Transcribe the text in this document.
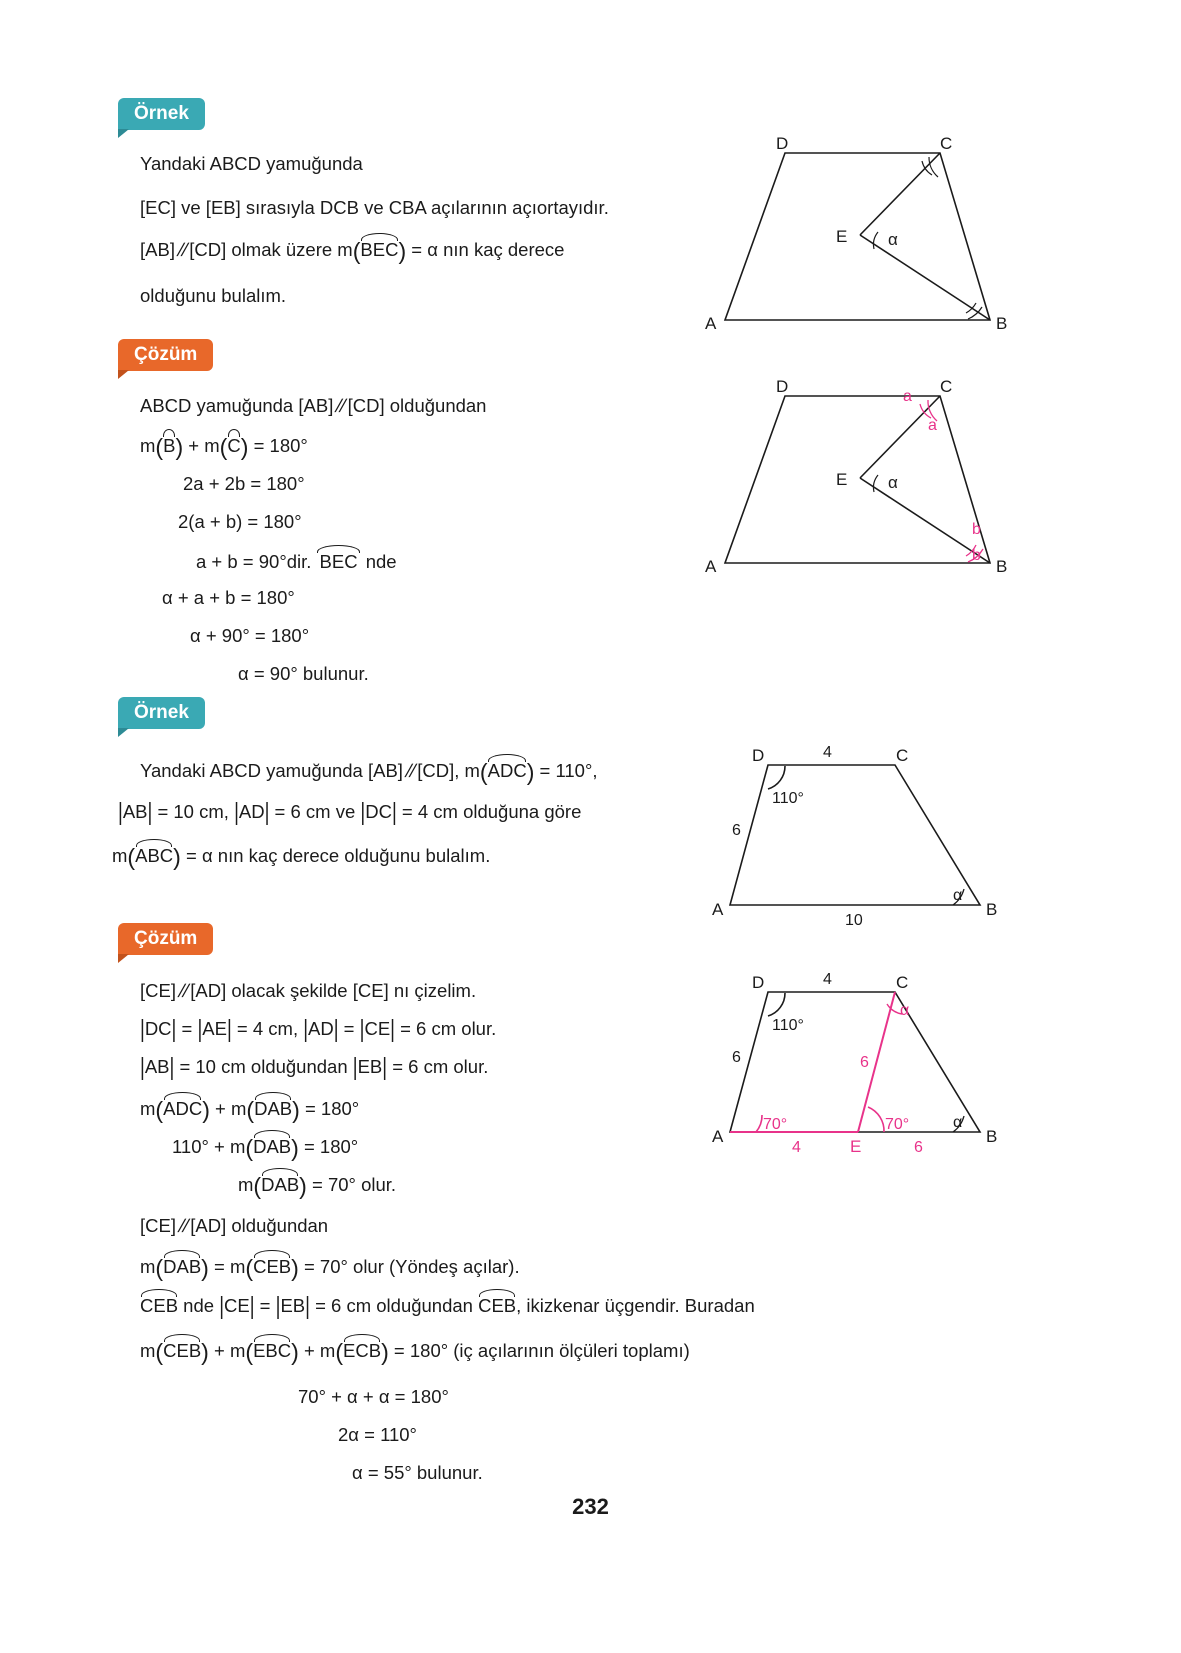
Örnek
Yandaki ABCD yamuğunda
[EC] ve [EB] sırasıyla DCB ve CBA açılarının açıortayıdır.
[AB]//[CD] olmak üzere m(BEC) = α nın kaç derece
olduğunu bulalım.
D	C
A	B
E α
Çözüm
ABCD yamuğunda [AB]//[CD] olduğundan
m(B) + m(C) = 180°
2a + 2b = 180°
2(a + b) = 180°
a + b = 90°dir. BEC nde
α + a + b = 180°
α + 90° = 180°
α = 90° bulunur.
D	C
A	B
E α
a
a
b
b
Örnek
Yandaki ABCD yamuğunda [AB]//[CD], m(ADC) = 110°,
|AB| = 10 cm, |AD| = 6 cm ve |DC| = 4 cm olduğuna göre
m(ABC) = α nın kaç derece olduğunu bulalım.
D	C
A	B
4
6
10
110°
α
Çözüm
[CE]//[AD] olacak şekilde [CE] nı çizelim.
|DC| = |AE| = 4 cm, |AD| = |CE| = 6 cm olur.
|AB| = 10 cm olduğundan |EB| = 6 cm olur.
m(ADC) + m(DAB) = 180°
110° + m(DAB) = 180°
m(DAB) = 70° olur.
[CE]//[AD] olduğundan
m(DAB) = m(CEB) = 70° olur (Yöndeş açılar).
CEB nde |CE| = |EB| = 6 cm olduğundan CEB, ikizkenar üçgendir. Buradan
m(CEB) + m(EBC) + m(ECB) = 180° (iç açılarının ölçüleri toplamı)
70° + α + α = 180°
2α = 110°
α = 55° bulunur.
D	C
A	B
E
4
6
110°
6
70°	70°
4	6
α
α
232
